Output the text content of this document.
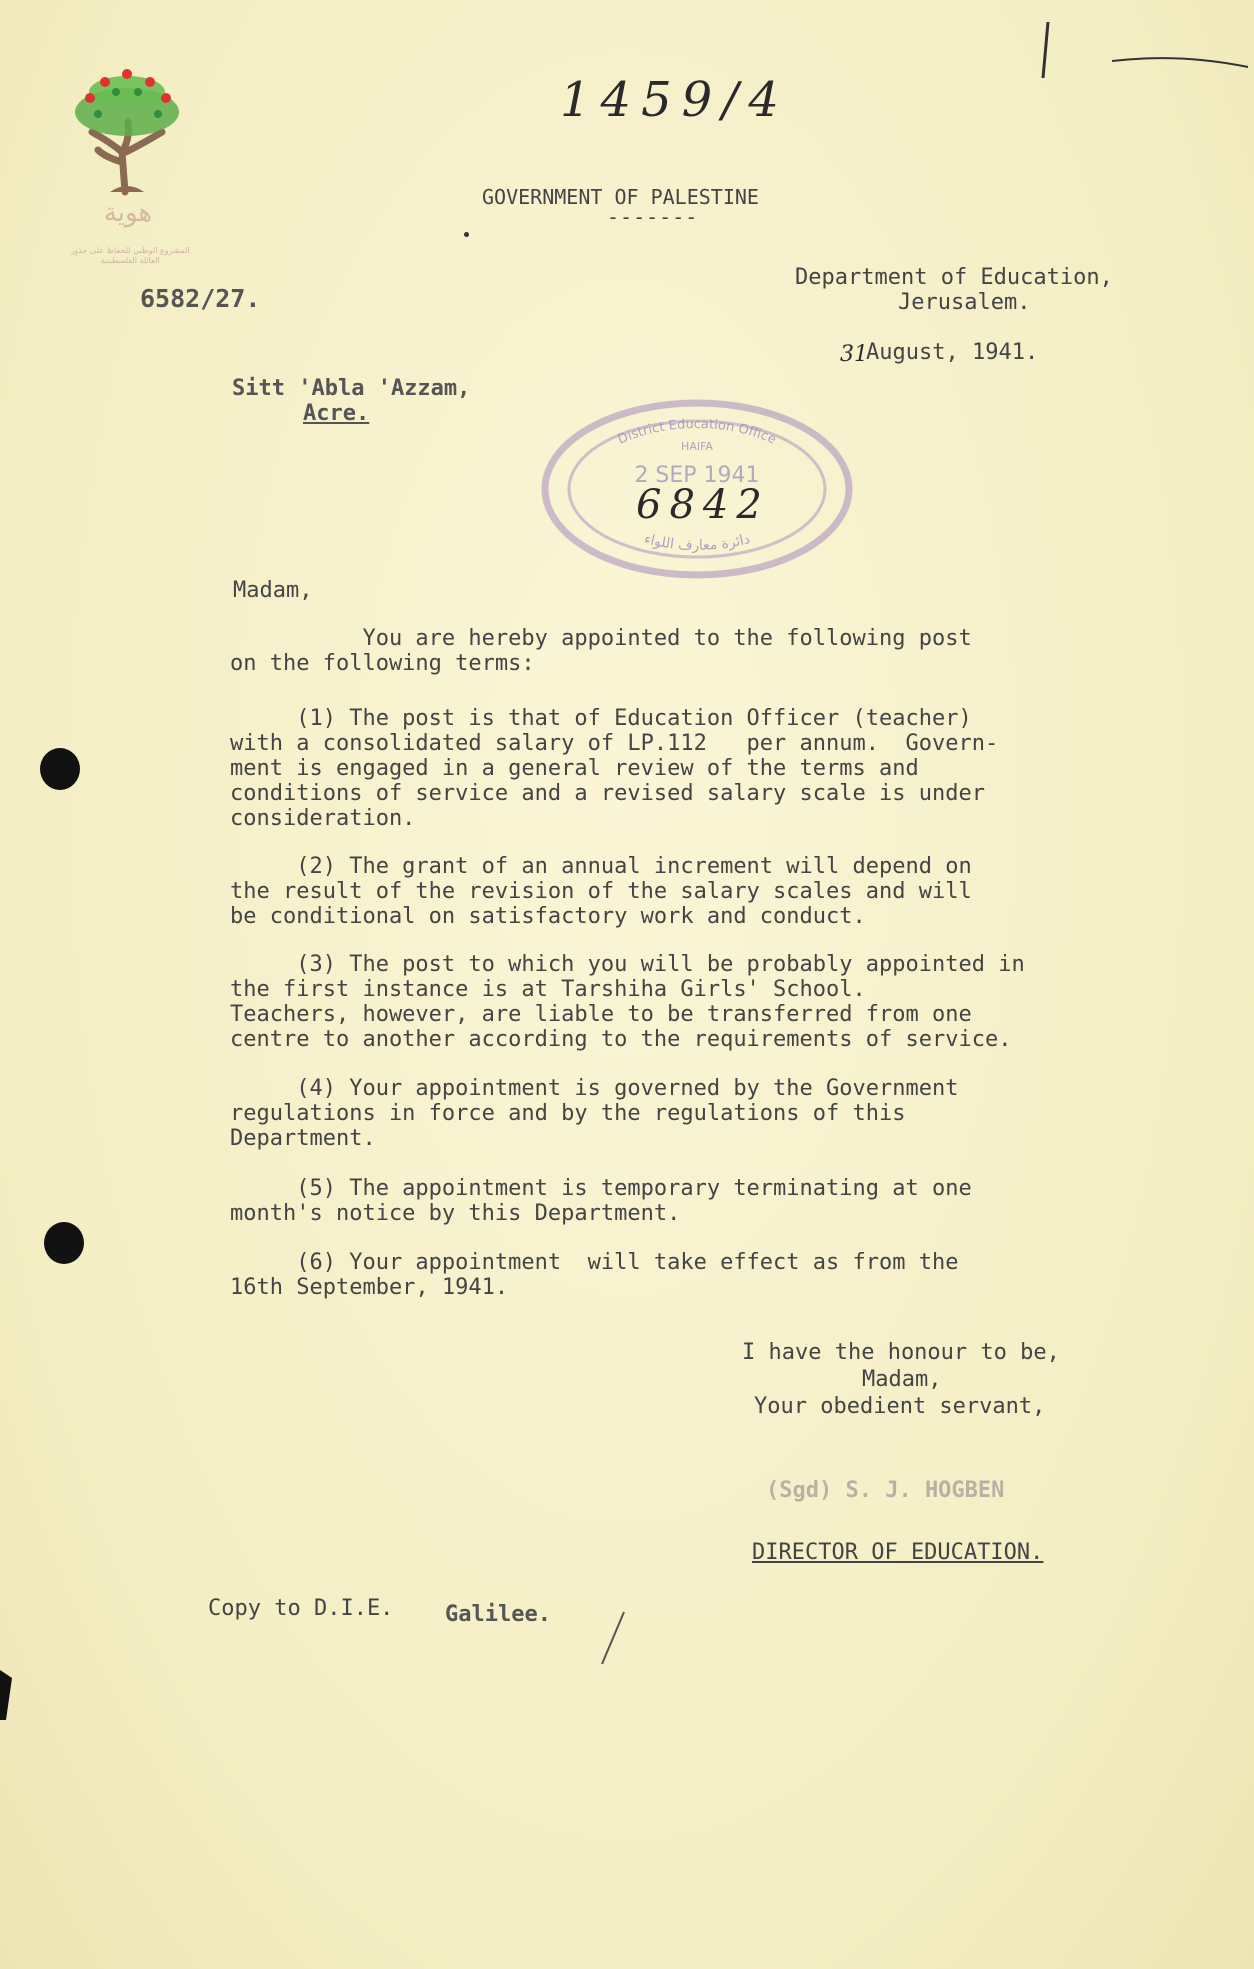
هوية
المشروع الوطني للحفاظ على جذور العائلة الفلسطينية
1459/4
GOVERNMENT OF PALESTINE
-------
6582/27.
Department of Education,
Jerusalem.
31
August, 1941.
Sitt 'Abla 'Azzam,
Acre.
District Education Office
HAIFA
2 SEP 1941
دائرة معارف اللواء
6842
Madam,
You are hereby appointed to the following post
on the following terms:
(1) The post is that of Education Officer (teacher)
with a consolidated salary of LP.112   per annum.  Govern-
ment is engaged in a general review of the terms and
conditions of service and a revised salary scale is under
consideration.
(2) The grant of an annual increment will depend on
the result of the revision of the salary scales and will
be conditional on satisfactory work and conduct.
(3) The post to which you will be probably appointed in
the first instance is at Tarshiha Girls' School.
Teachers, however, are liable to be transferred from one
centre to another according to the requirements of service.
(4) Your appointment is governed by the Government
regulations in force and by the regulations of this
Department.
(5) The appointment is temporary terminating at one
month's notice by this Department.
(6) Your appointment  will take effect as from the
16th September, 1941.
I have the honour to be,
Madam,
Your obedient servant,
(Sgd) S. J. HOGBEN
DIRECTOR OF EDUCATION.
Copy to D.I.E. Galilee.
